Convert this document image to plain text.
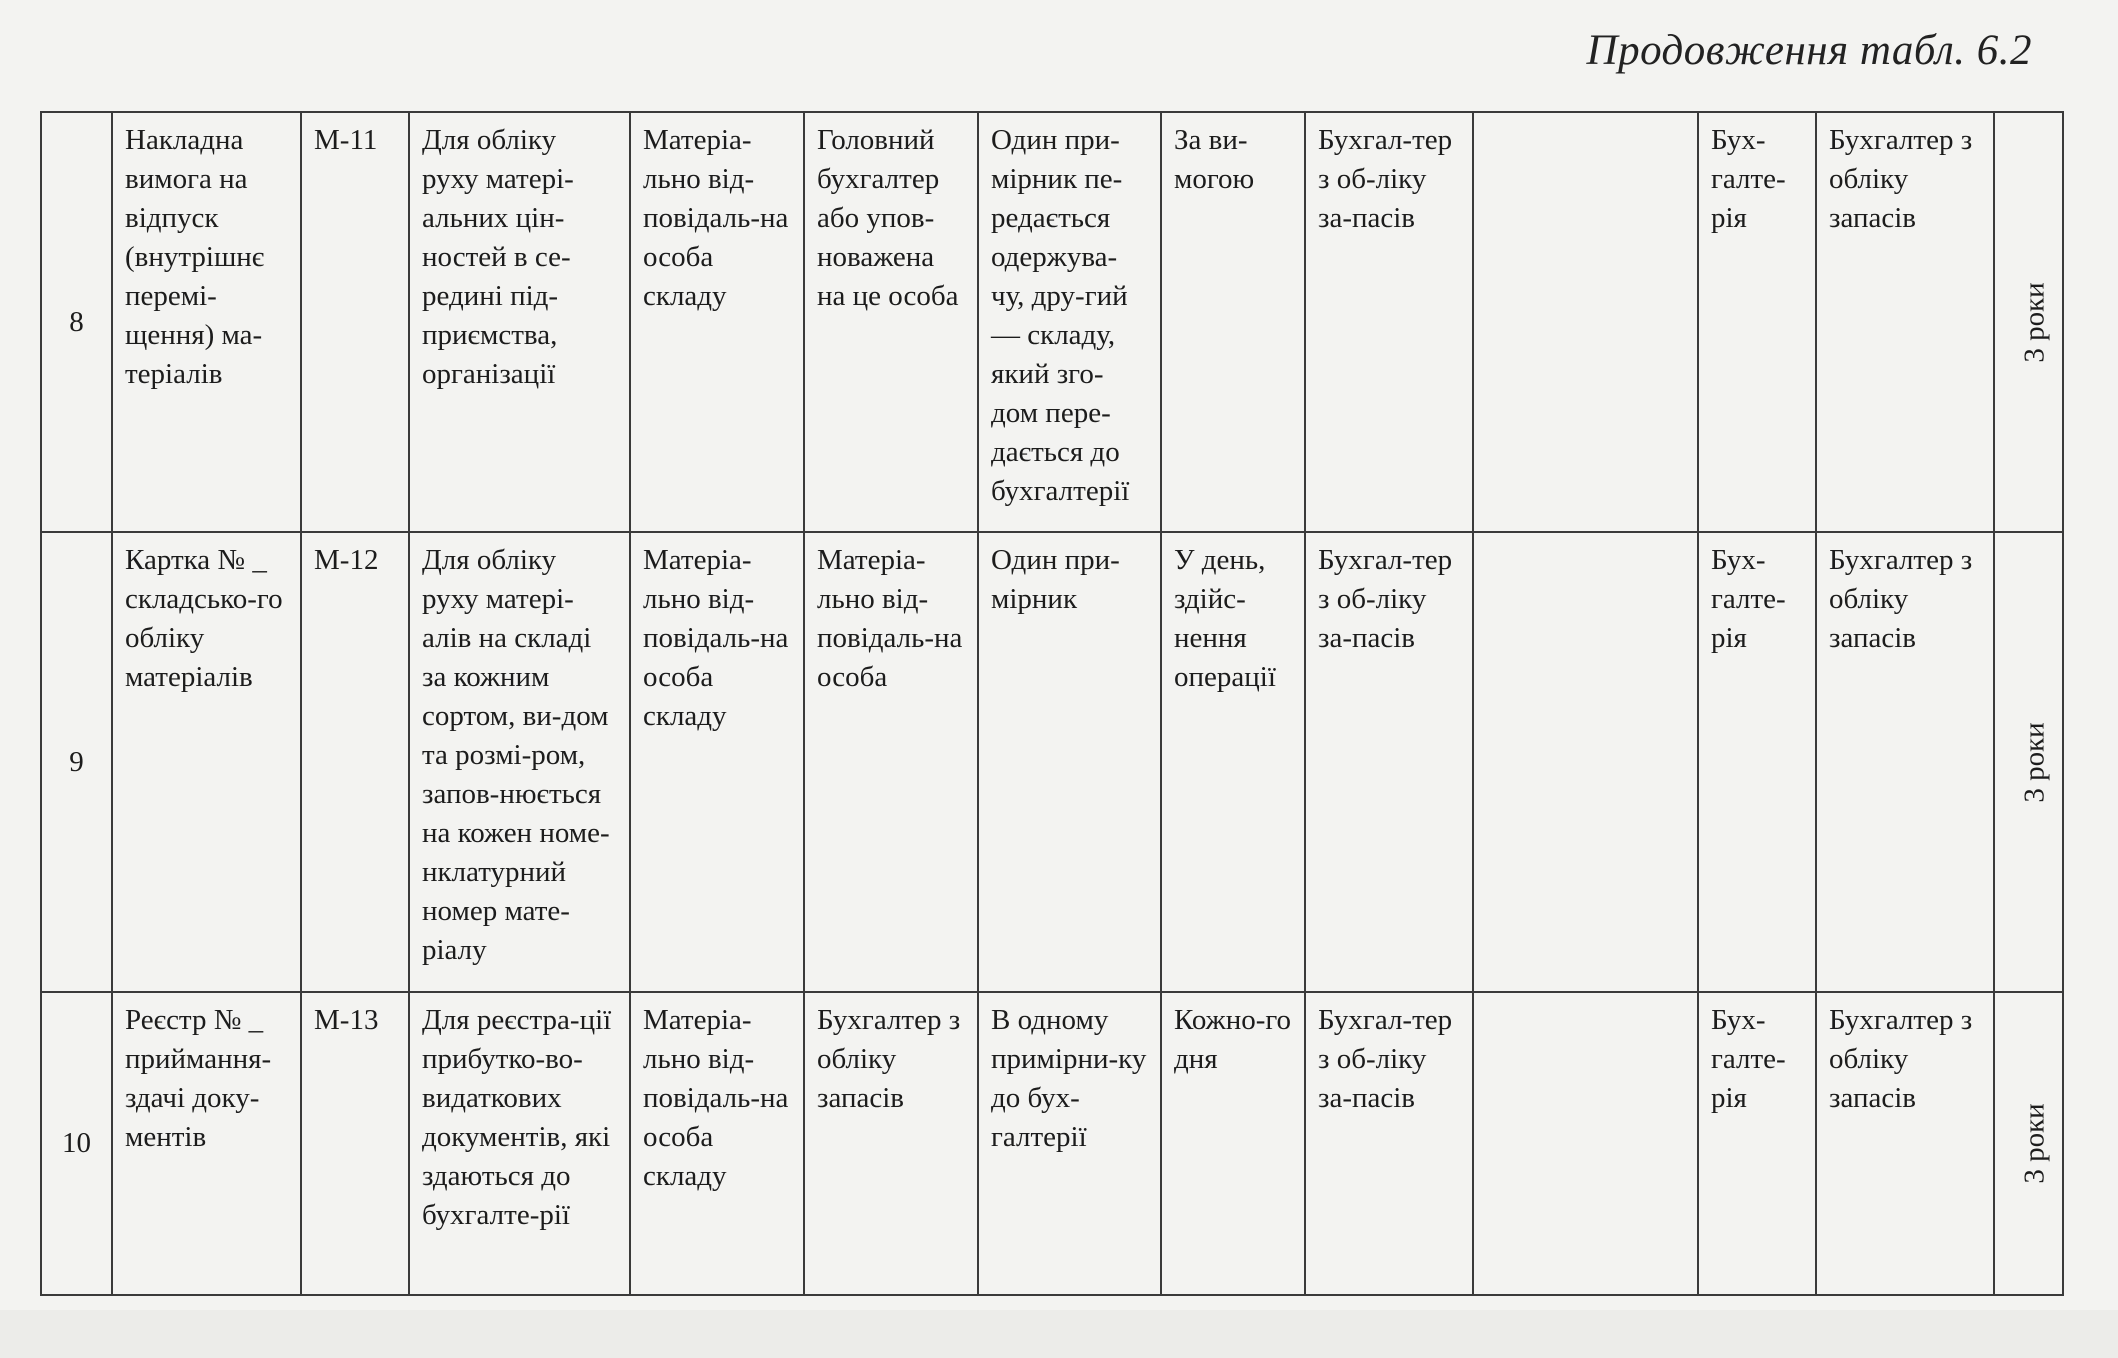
Продовження табл. 6.2
8	Накладна вимога на відпуск (внутрішнє перемі-щення) ма-теріалів	М-11	Для обліку руху матері-альних цін-ностей в се-редині під-приємства, організації	Матеріа-льно від-повідаль-на особа складу	Головний бухгалтер або упов-новажена на це особа	Один при-мірник пе-редається одержува-чу, дру-гий — складу, який зго-дом пере-дається до бухгалтерії	За ви-могою	Бухгал-тер з об-ліку за-пасів		Бух-галте-рія	Бухгалтер з обліку запасів	3 роки
9	Картка № _ складсько-го обліку матеріалів	М-12	Для обліку руху матері-алів на складі за кожним сортом, ви-дом та розмі-ром, запов-нюється на кожен номе-нклатурний номер мате-ріалу	Матеріа-льно від-повідаль-на особа складу	Матеріа-льно від-повідаль-на особа	Один при-мірник	У день, здійс-нення операції	Бухгал-тер з об-ліку за-пасів		Бух-галте-рія	Бухгалтер з обліку запасів	3 роки
10	Реєстр № _ приймання-здачі доку-ментів	М-13	Для реєстра-ції прибутко-во-видаткових документів, які здаються до бухгалте-рії	Матеріа-льно від-повідаль-на особа складу	Бухгалтер з обліку запасів	В одному примірни-ку до бух-галтерії	Кожно-го дня	Бухгал-тер з об-ліку за-пасів		Бух-галте-рія	Бухгалтер з обліку запасів	3 роки
